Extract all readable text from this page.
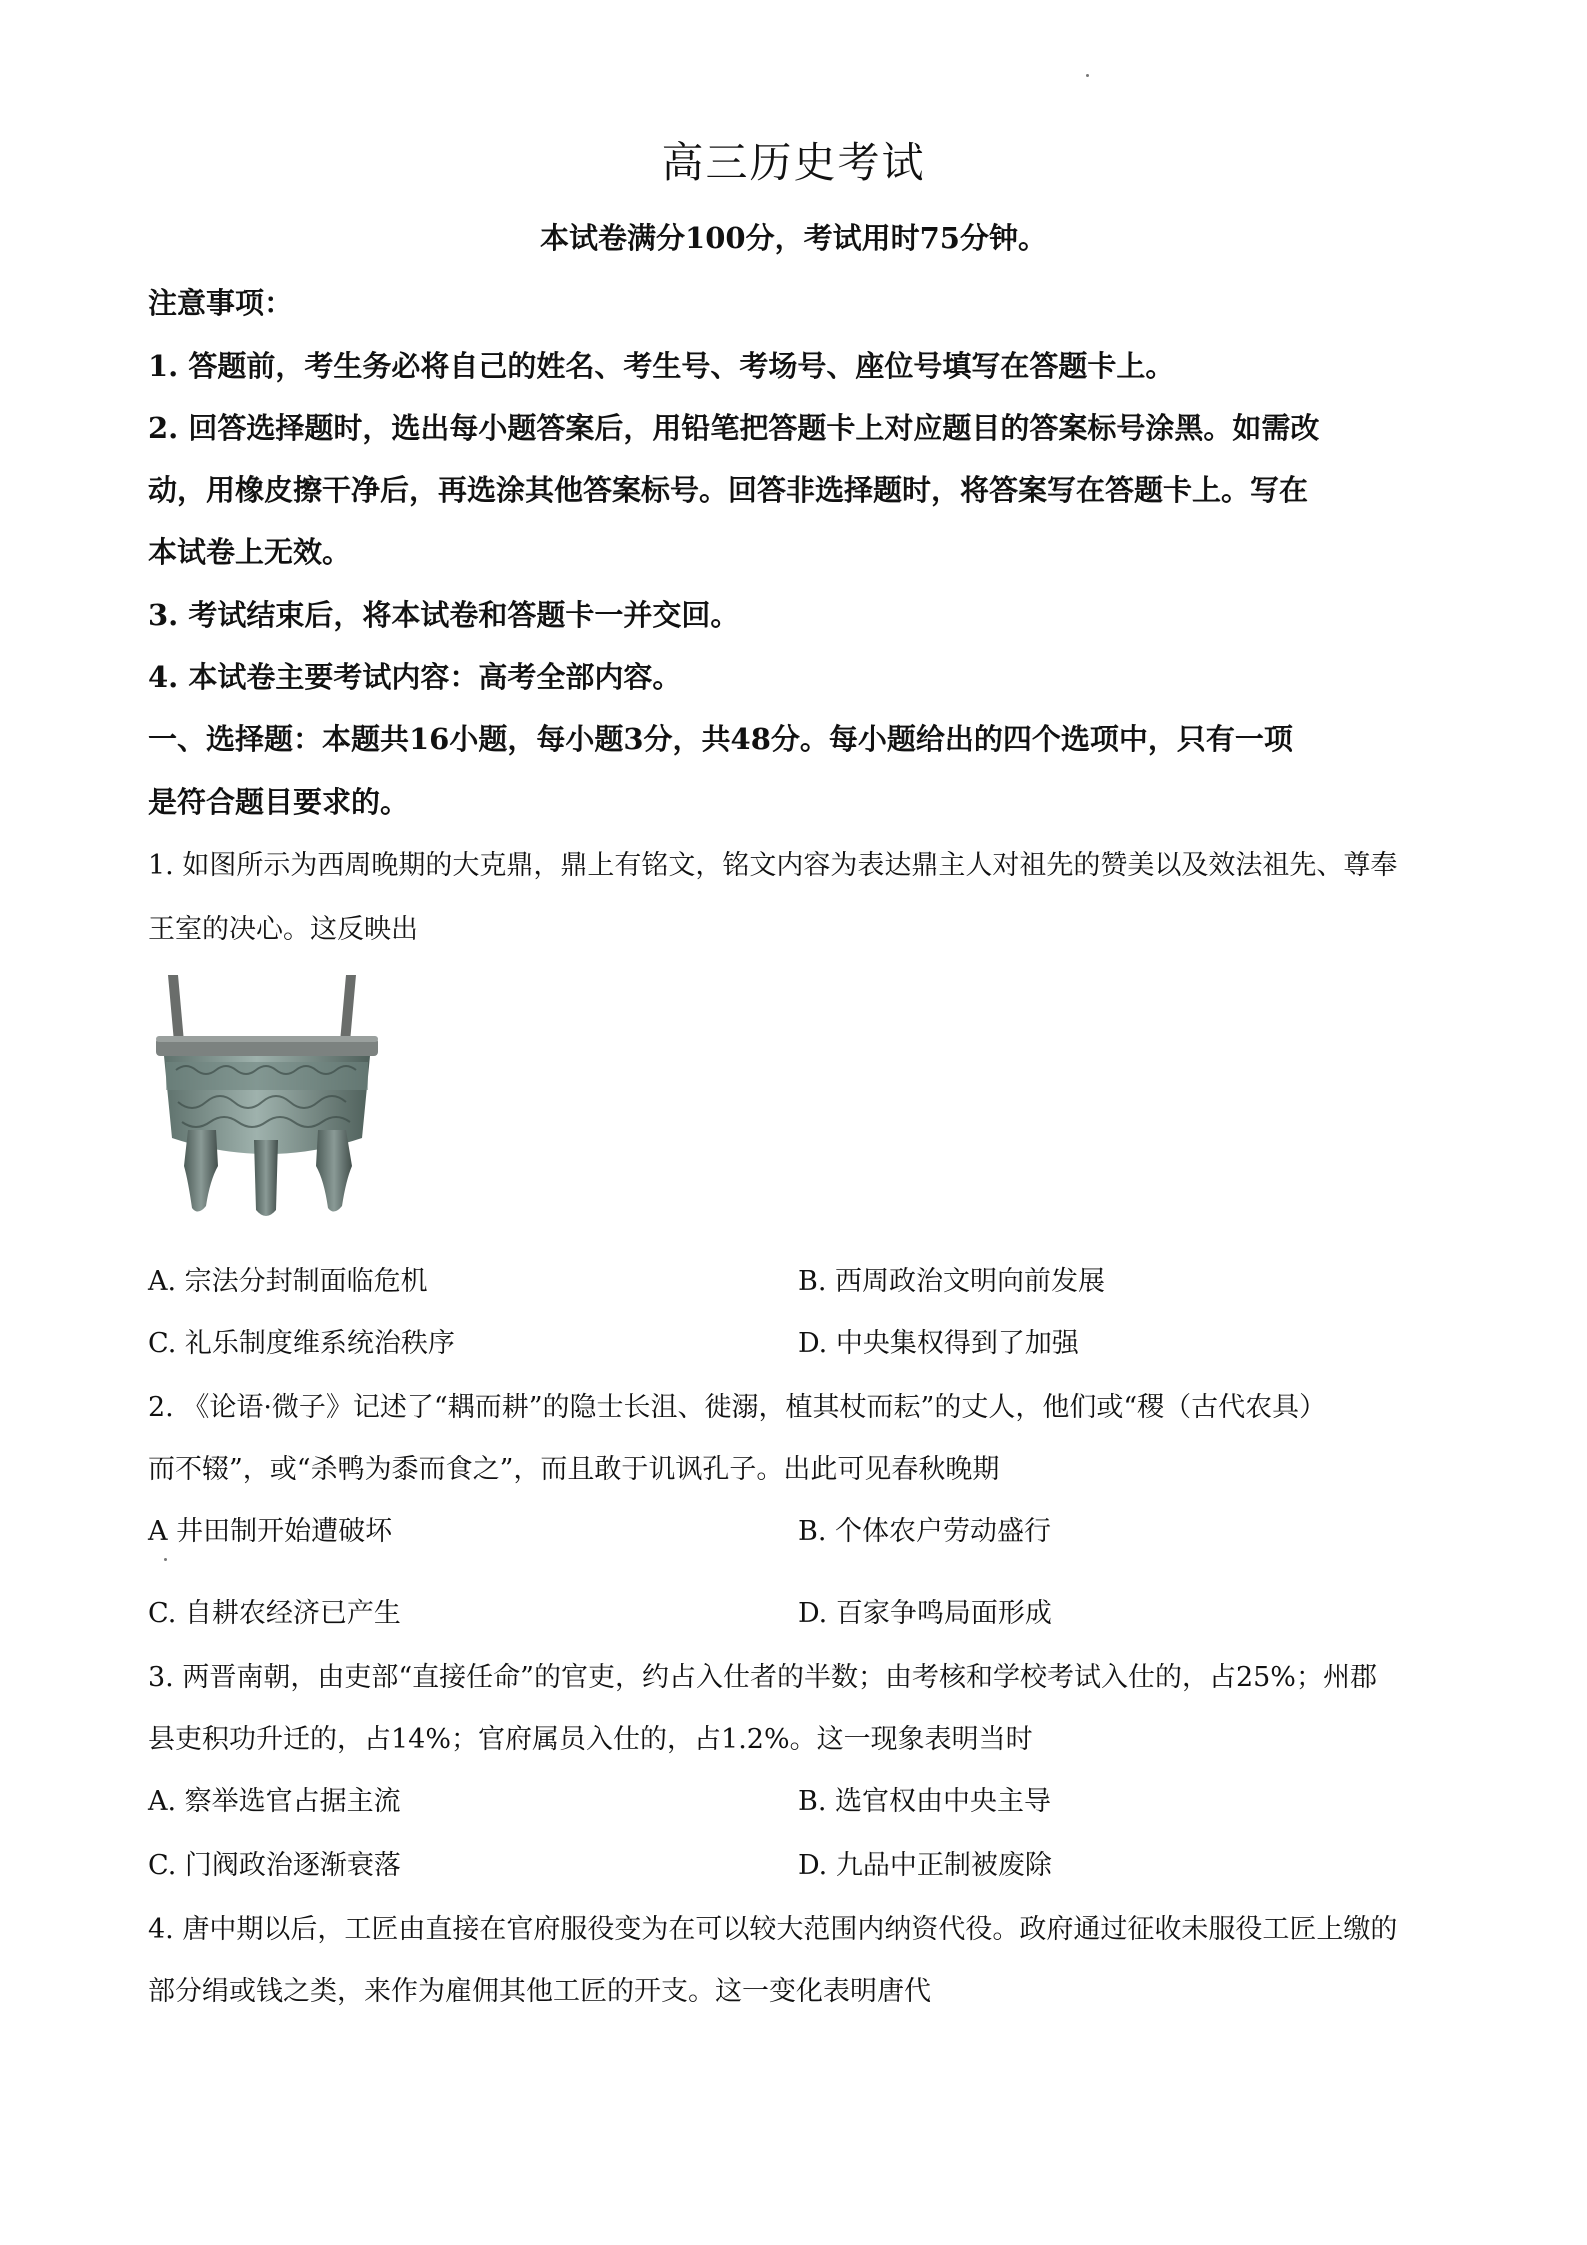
高三历史考试
本试卷满分100分，考试用时75分钟。
注意事项：
1. 答题前，考生务必将自己的姓名、考生号、考场号、座位号填写在答题卡上。
2. 回答选择题时，选出每小题答案后，用铅笔把答题卡上对应题目的答案标号涂黑。如需改
动，用橡皮擦干净后，再选涂其他答案标号。回答非选择题时，将答案写在答题卡上。写在
本试卷上无效。
3. 考试结束后，将本试卷和答题卡一并交回。
4. 本试卷主要考试内容：高考全部内容。
一、选择题：本题共16小题，每小题3分，共48分。每小题给出的四个选项中，只有一项
是符合题目要求的。
1. 如图所示为西周晚期的大克鼎，鼎上有铭文，铭文内容为表达鼎主人对祖先的赞美以及效法祖先、尊奉
王室的决心。这反映出
A. 宗法分封制面临危机	B. 西周政治文明向前发展
C. 礼乐制度维系统治秩序	D. 中央集权得到了加强
2. 《论语·微子》记述了“耦而耕”的隐士长沮、徙溺，植其杖而耘”的丈人，他们或“稷（古代农具）
而不辍”，或“杀鸭为黍而食之”，而且敢于讥讽孔子。出此可见春秋晚期
A 井田制开始遭破坏	B. 个体农户劳动盛行
C. 自耕农经济已产生	D. 百家争鸣局面形成
3. 两晋南朝，由吏部“直接任命”的官吏，约占入仕者的半数；由考核和学校考试入仕的，占25%；州郡
县吏积功升迁的，占14%；官府属员入仕的，占1.2%。这一现象表明当时
A. 察举选官占据主流	B. 选官权由中央主导
C. 门阀政治逐渐衰落	D. 九品中正制被废除
4. 唐中期以后，工匠由直接在官府服役变为在可以较大范围内纳资代役。政府通过征收未服役工匠上缴的
部分绢或钱之类，来作为雇佣其他工匠的开支。这一变化表明唐代
